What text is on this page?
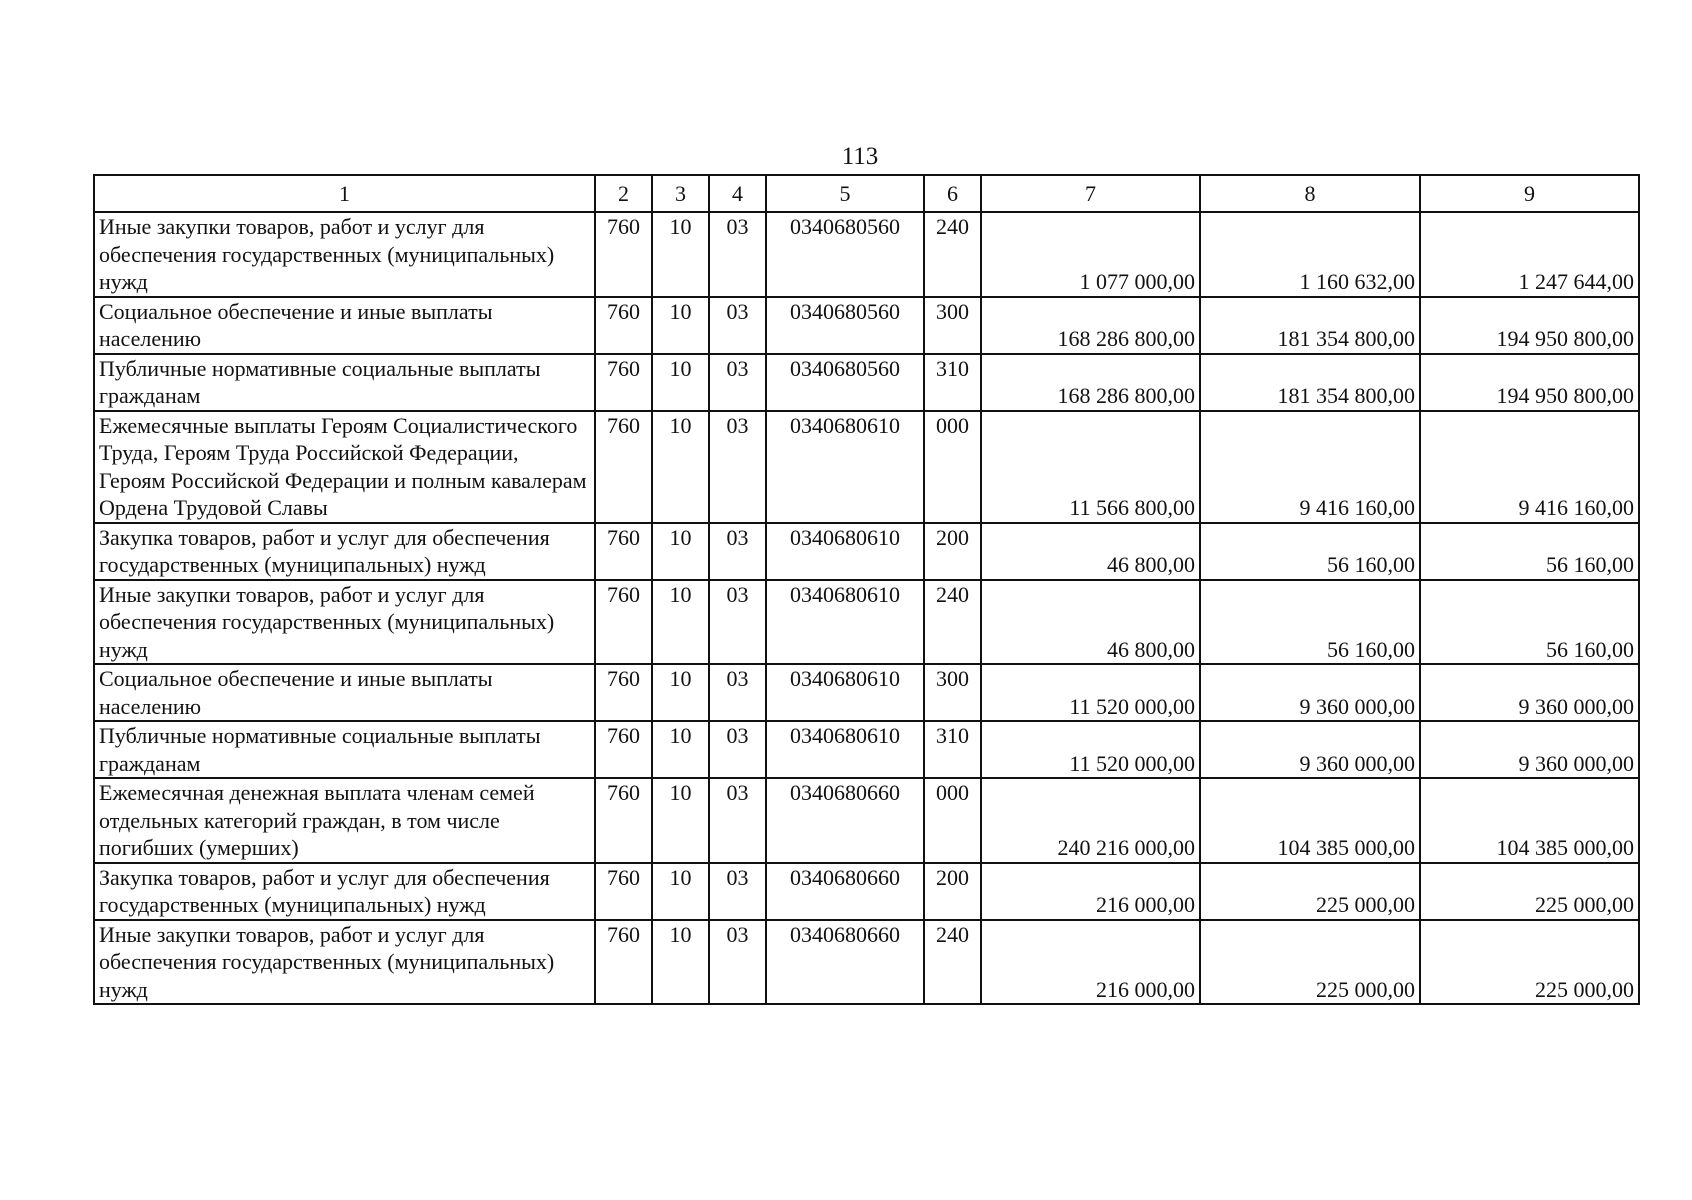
113
1	2	3	4	5	6	7	8	9
Иные закупки товаров, работ и услуг для обеспечения государственных (муниципальных) нужд	760	10	03	0340680560	240	1 077 000,00	1 160 632,00	1 247 644,00
Социальное обеспечение и иные выплаты населению	760	10	03	0340680560	300	168 286 800,00	181 354 800,00	194 950 800,00
Публичные нормативные социальные выплаты гражданам	760	10	03	0340680560	310	168 286 800,00	181 354 800,00	194 950 800,00
Ежемесячные выплаты Героям Социалистического Труда, Героям Труда Российской Федерации, Героям Российской Федерации и полным кавалерам Ордена Трудовой Славы	760	10	03	0340680610	000	11 566 800,00	9 416 160,00	9 416 160,00
Закупка товаров, работ и услуг для обеспечения государственных (муниципальных) нужд	760	10	03	0340680610	200	46 800,00	56 160,00	56 160,00
Иные закупки товаров, работ и услуг для обеспечения государственных (муниципальных) нужд	760	10	03	0340680610	240	46 800,00	56 160,00	56 160,00
Социальное обеспечение и иные выплаты населению	760	10	03	0340680610	300	11 520 000,00	9 360 000,00	9 360 000,00
Публичные нормативные социальные выплаты гражданам	760	10	03	0340680610	310	11 520 000,00	9 360 000,00	9 360 000,00
Ежемесячная денежная выплата членам семей отдельных категорий граждан, в том числе погибших (умерших)	760	10	03	0340680660	000	240 216 000,00	104 385 000,00	104 385 000,00
Закупка товаров, работ и услуг для обеспечения государственных (муниципальных) нужд	760	10	03	0340680660	200	216 000,00	225 000,00	225 000,00
Иные закупки товаров, работ и услуг для обеспечения государственных (муниципальных) нужд	760	10	03	0340680660	240	216 000,00	225 000,00	225 000,00
